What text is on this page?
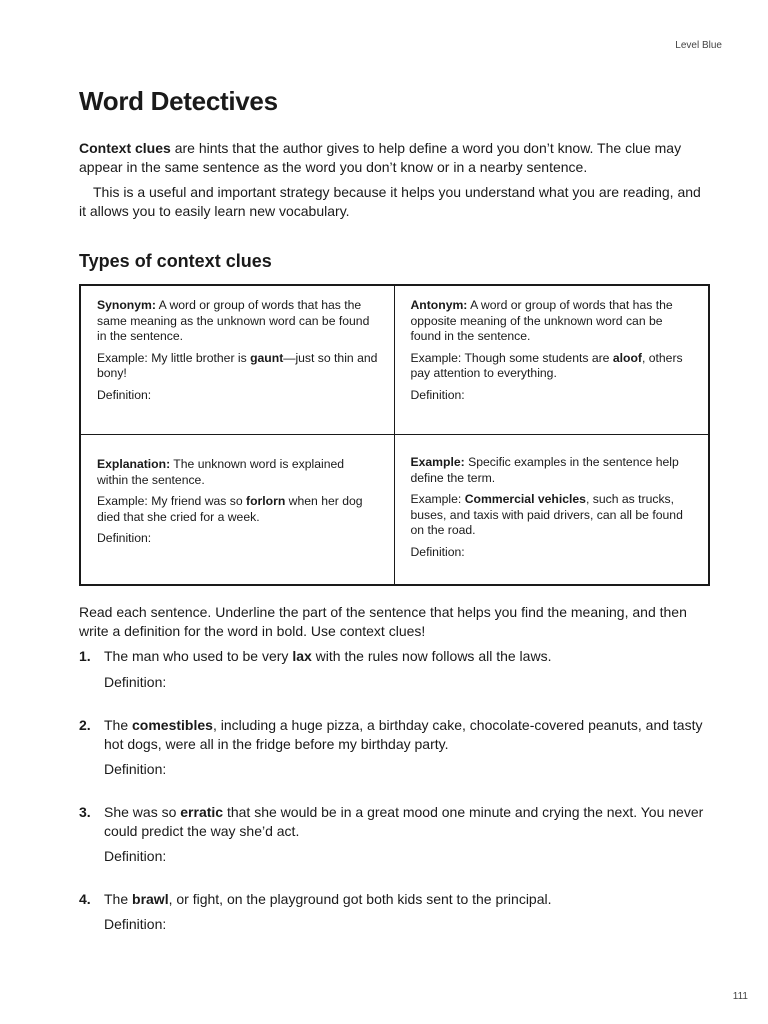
Level Blue
Word Detectives

Context clues are hints that the author gives to help define a word you don’t know. The clue may appear in the same sentence as the word you don’t know or in a nearby sentence.

This is a useful and important strategy because it helps you understand what you are reading, and it allows you to easily learn new vocabulary.

Types of context clues

Synonym: A word or group of words that has the same meaning as the unknown word can be found in the sentence.

Example: My little brother is gaunt—just so thin and bony!

Definition:

Antonym: A word or group of words that has the opposite meaning of the unknown word can be found in the sentence.

Example: Though some students are aloof, others pay attention to everything.

Definition:

Explanation: The unknown word is explained within the sentence.

Example: My friend was so forlorn when her dog died that she cried for a week.

Definition:

Example: Specific examples in the sentence help define the term.

Example: Commercial vehicles, such as trucks, buses, and taxis with paid drivers, can all be found on the road.

Definition:

Read each sentence. Underline the part of the sentence that helps you find the meaning, and then write a definition for the word in bold. Use context clues!

1. The man who used to be very lax with the rules now follows all the laws.
Definition:
2. The comestibles, including a huge pizza, a birthday cake, chocolate-covered peanuts, and tasty hot dogs, were all in the fridge before my birthday party.
Definition:
3. She was so erratic that she would be in a great mood one minute and crying the next. You never could predict the way she’d act.
Definition:
4. The brawl, or fight, on the playground got both kids sent to the principal.
Definition:
111
